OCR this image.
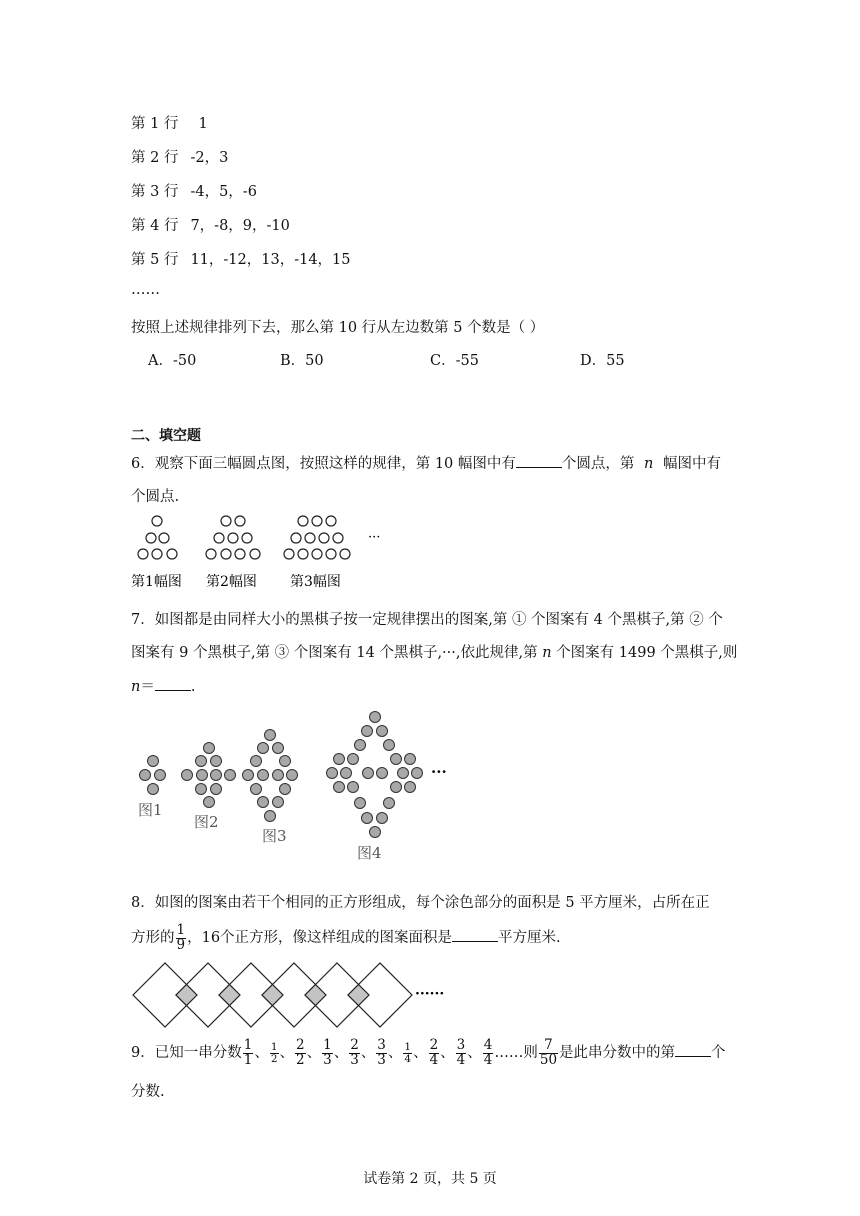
第 1 行 1
第 2 行 -2，3
第 3 行 -4，5，-6
第 4 行 7，-8，9，-10
第 5 行 11，-12，13，-14，15
……
按照上述规律排列下去，那么第 10 行从左边数第 5 个数是（ ）
A．-50	B．50	C．-55	D．55
二、填空题
6．观察下面三幅圆点图，按照这样的规律，第 10 幅图中有	个圆点，第 n 幅图中有
个圆点.
···
第1幅图 第2幅图 第3幅图
7．如图都是由同样大小的黑棋子按一定规律摆出的图案,第 ① 个图案有 4 个黑棋子,第 ② 个
图案有 9 个黑棋子,第 ③ 个图案有 14 个黑棋子,···,依此规律,第 n 个图案有 1499 个黑棋子,则
n＝ .
···
图1
图2
图3
图4
8．如图的图案由若干个相同的正方形组成，每个涂色部分的面积是 5 平方厘米，占所在正
方形的 $\frac{1}{9}$ ，16个正方形，像这样组成的图案面积是	平方厘米.
······
9．已知一串分数 $\frac{1}{1}$ 、 $\frac{1}{2}$ 、 $\frac{2}{2}$ 、 $\frac{1}{3}$ 、 $\frac{2}{3}$ 、 $\frac{3}{3}$ 、 $\frac{1}{4}$ 、 $\frac{2}{4}$ 、 $\frac{3}{4}$ 、 $\frac{4}{4}$ ……则 $\frac{7}{50}$ 是此串分数中的第 个
分数.
试卷第 2 页，共 5 页
